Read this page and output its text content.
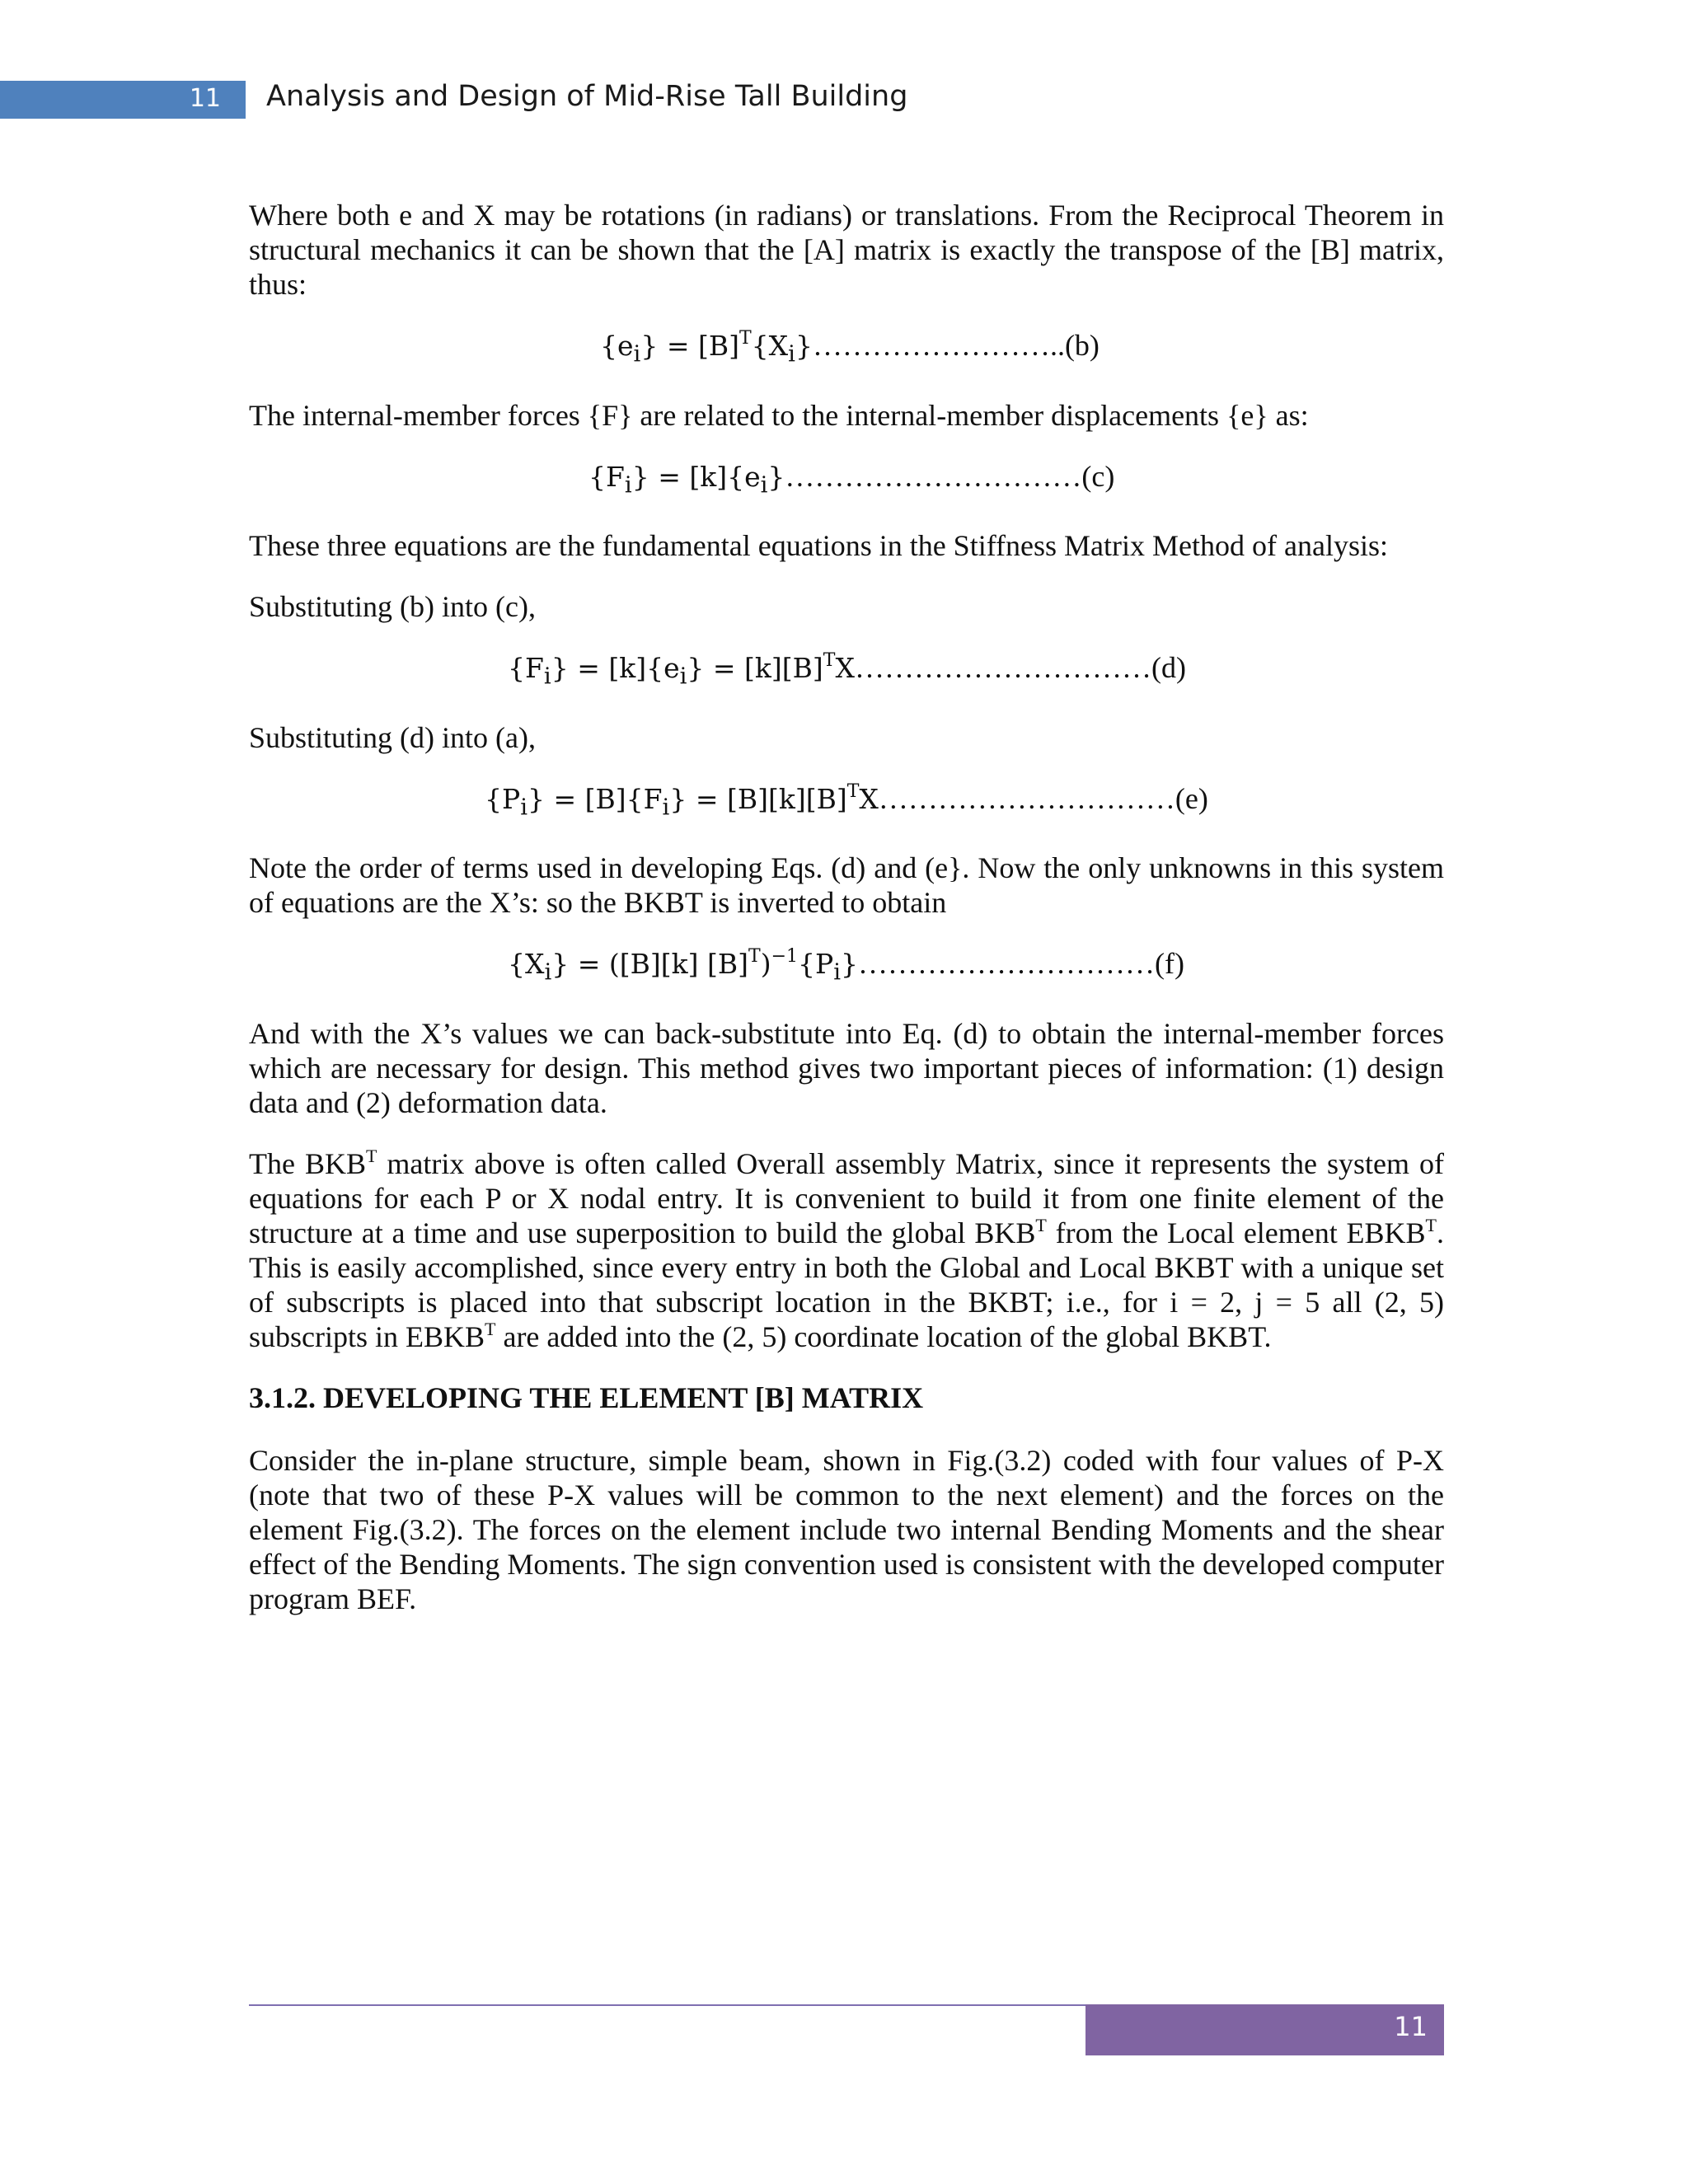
11 Analysis and Design of Mid-Rise Tall Building

Where both e and X may be rotations (in radians) or translations. From the Reciprocal Theorem in structural mechanics it can be shown that the [A] matrix is exactly the transpose of the [B] matrix, thus:

$\{e_i\}$ = $[B]^T\{X_i\}\dots\dots\dots\dots\dots\dots\dots\dots..(b)$

The internal-member forces {F} are related to the internal-member displacements {e} as:

$\{F_i\}$ = $[k]\{e_i\}\dots\dots\dots\dots\dots\dots\dots\dots\dots\dots(c)$

These three equations are the fundamental equations in the Stiffness Matrix Method of analysis:

Substituting (b) into (c),

$\{F_i\} = [k]\{e_i\}$ = $[k][B]^TX\dots\dots\dots\dots\dots\dots\dots\dots\dots\dots(d)$

Substituting (d) into (a),

$\{P_i\} = [B]\{F_i\}$ = $[B][k][B]^TX\dots\dots\dots\dots\dots\dots\dots\dots\dots\dots(e)$

Note the order of terms used in developing Eqs. (d) and (e}. Now the only unknowns in this system of equations are the X’s: so the BKBT is inverted to obtain

$\{X_i\} = ([B][k]$ $[B]^T)^{-1}\{P_i\}\dots\dots\dots\dots\dots\dots\dots\dots\dots\dots(f)$

And with the X’s values we can back-substitute into Eq. (d) to obtain the internal-member forces which are necessary for design. This method gives two important pieces of information: (1) design data and (2) deformation data.

The $BKB^T$ matrix above is often called Overall assembly Matrix, since it represents the system of equations for each P or X nodal entry. It is convenient to build it from one finite element of the structure at a time and use superposition to build the global $BKB^T$ from the Local element $EBKB^T$. This is easily accomplished, since every entry in both the Global and Local BKBT with a unique set of subscripts is placed into that subscript location in the BKBT; i.e., for i = 2, j = 5 all (2, 5) subscripts in $EBKB^T$ are added into the (2, 5) coordinate location of the global BKBT.

3.1.2. DEVELOPING THE ELEMENT [B] MATRIX

Consider the in-plane structure, simple beam, shown in Fig.(3.2) coded with four values of P-X (note that two of these P-X values will be common to the next element) and the forces on the element Fig.(3.2). The forces on the element include two internal Bending Moments and the shear effect of the Bending Moments. The sign convention used is consistent with the developed computer program BEF.

11
